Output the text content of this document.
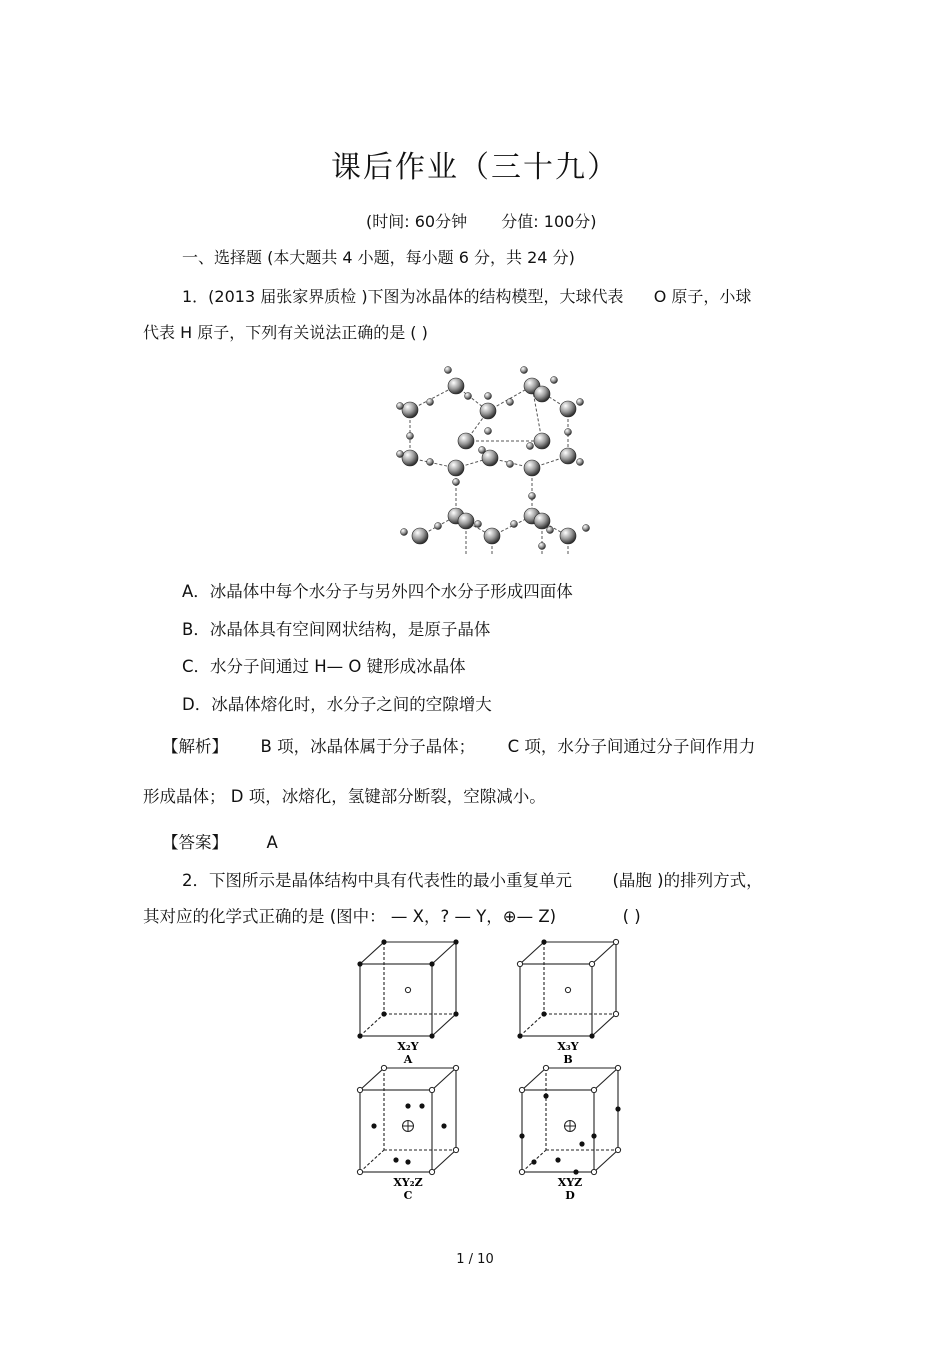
课后作业（三十九）
(时间: 60分钟 分值: 100分)
一、选择题 (本大题共 4 小题，每小题 6 分，共 24 分)
1．(2013 届张家界质检 )下图为冰晶体的结构模型，大球代表 O 原子，小球
代表 H 原子，下列有关说法正确的是 ( )
A．冰晶体中每个水分子与另外四个水分子形成四面体
B．冰晶体具有空间网状结构，是原子晶体
C．水分子间通过 H— O 键形成冰晶体
D．冰晶体熔化时，水分子之间的空隙增大
【解析】 B 项，冰晶体属于分子晶体； C 项，水分子间通过分子间作用力
形成晶体； D 项，冰熔化，氢键部分断裂，空隙减小。
【答案】 A
2．下图所示是晶体结构中具有代表性的最小重复单元 (晶胞 )的排列方式，
其对应的化学式正确的是 (图中： — X，? — Y，⊕— Z)	( )
X₂Y
A
X₃Y
B
XY₂Z
C
XYZ
D
1 / 10
